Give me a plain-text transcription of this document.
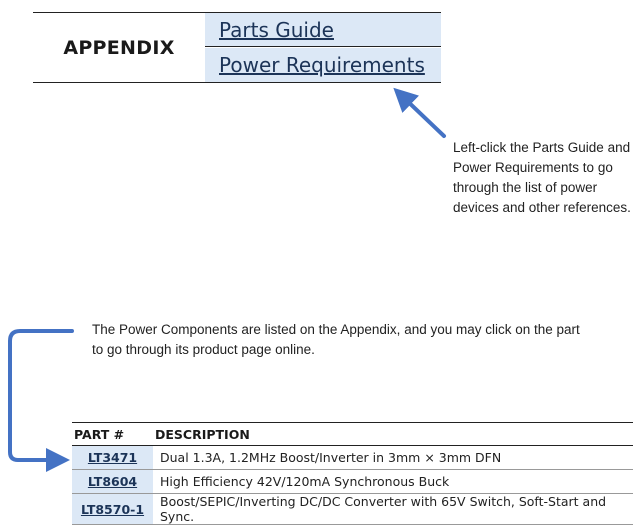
APPENDIX
Parts Guide
Power Requirements
Left-click the Parts Guide and Power Requirements to go through the list of power devices and other references.
The Power Components are listed on the Appendix, and you may click on the part to go through its product page online.
PART #	DESCRIPTION
LT3471	Dual 1.3A, 1.2MHz Boost/Inverter in 3mm × 3mm DFN
LT8604	High Efficiency 42V/120mA Synchronous Buck
LT8570-1	Boost/SEPIC/Inverting DC/DC Converter with 65V Switch, Soft-Start and Sync.
